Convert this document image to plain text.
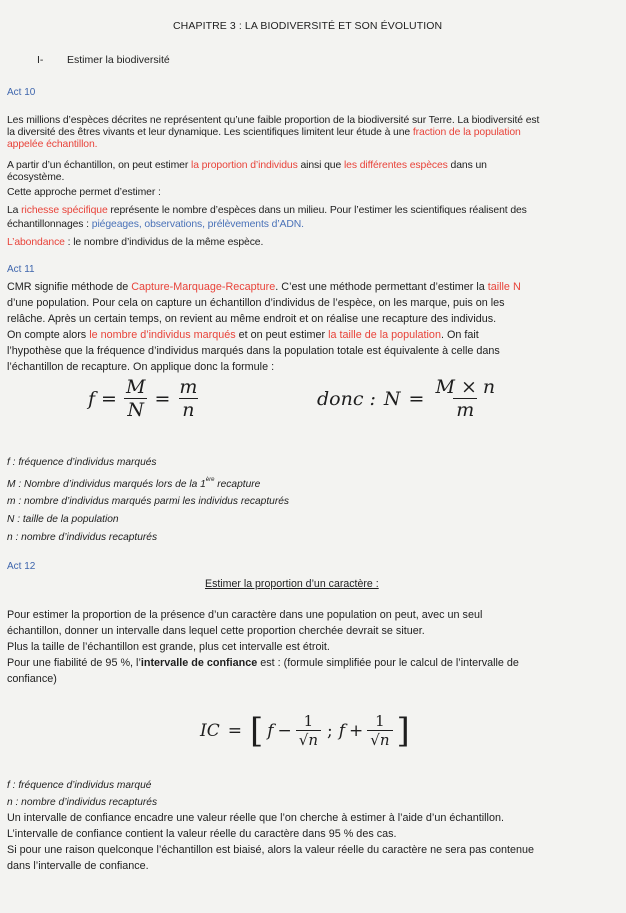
CHAPITRE 3 : LA BIODIVERSITÉ ET SON ÉVOLUTION
I- Estimer la biodiversité
Act 10
Les millions d’espèces décrites ne représentent qu’une faible proportion de la biodiversité sur Terre. La biodiversité est
la diversité des êtres vivants et leur dynamique. Les scientifiques limitent leur étude à une fraction de la population
appelée échantillon.
A partir d’un échantillon, on peut estimer la proportion d’individus ainsi que les différentes espèces dans un
écosystème.
Cette approche permet d’estimer :
La richesse spécifique représente le nombre d’espèces dans un milieu. Pour l’estimer les scientifiques réalisent des
échantillonnages : piégeages, observations, prélèvements d’ADN.
L’abondance : le nombre d’individus de la même espèce.
Act 11
CMR signifie méthode de Capture-Marquage-Recapture. C’est une méthode permettant d’estimer la taille N
d’une population. Pour cela on capture un échantillon d’individus de l’espèce, on les marque, puis on les
relâche. Après un certain temps, on revient au même endroit et on réalise une recapture des individus.
On compte alors le nombre d’individus marqués et on peut estimer la taille de la population. On fait
l’hypothèse que la fréquence d’individus marqués dans la population totale est équivalente à celle dans
l’échantillon de recapture. On applique donc la formule :
$f = \frac{M}{N} = \frac{m}{n}$	donc : $N = \frac{M \times n}{m}$
f : fréquence d’individus marqués
M : Nombre d’individus marqués lors de la 1ère recapture
m : nombre d’individus marqués parmi les individus recapturés
N : taille de la population
n : nombre d’individus recapturés
Act 12
Estimer la proportion d’un caractère :
Pour estimer la proportion de la présence d’un caractère dans une population on peut, avec un seul
échantillon, donner un intervalle dans lequel cette proportion cherchée devrait se situer.
Plus la taille de l’échantillon est grande, plus cet intervalle est étroit.
Pour une fiabilité de 95 %, l’intervalle de confiance est : (formule simplifiée pour le calcul de l’intervalle de
confiance)
IC = [ $f - \frac{1}{√n}$ ; $f + \frac{1}{√n}$ ]
f : fréquence d’individus marqué
n : nombre d’individus recapturés
Un intervalle de confiance encadre une valeur réelle que l’on cherche à estimer à l’aide d’un échantillon.
L’intervalle de confiance contient la valeur réelle du caractère dans 95 % des cas.
Si pour une raison quelconque l’échantillon est biaisé, alors la valeur réelle du caractère ne sera pas contenue
dans l’intervalle de confiance.
